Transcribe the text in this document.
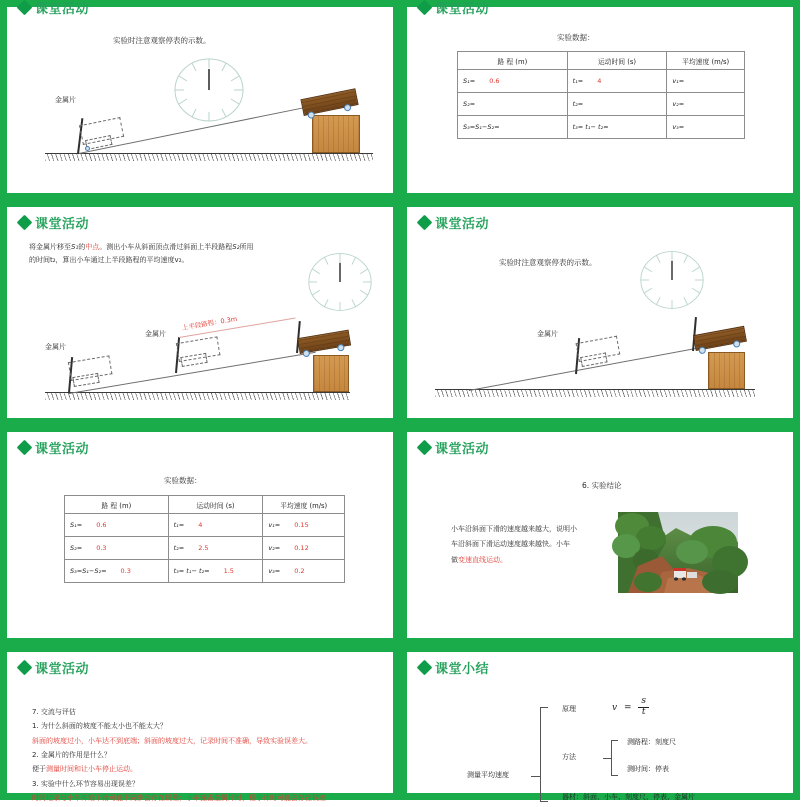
课堂活动
实验时注意观察停表的示数。
金属片
课堂活动
实验数据：
路 程 (m)	运动时间 (s)	平均速度 (m/s)
S₁= 0.6	t₁= 4	v₁=
S₂=	t₂=	v₂=
S₃=S₁−S₂=	t₃= t₁− t₂=	v₃=
课堂活动
将金属片移至S₁的中点。测出小车从斜面顶点滑过斜面上半段路程S₂所用
的时间t₂，算出小车通过上半段路程的平均速度v₂。
金属片
金属片
上半段路程：0.3m
课堂活动
实验时注意观察停表的示数。
金属片
课堂活动
实验数据：
路 程 (m)	运动时间 (s)	平均速度 (m/s)
S₁= 0.6	t₁= 4	v₁= 0.15
S₂= 0.3	t₂= 2.5	v₂= 0.12
S₃=S₁−S₂= 0.3	t₃= t₁− t₂= 1.5	v₃= 0.2
课堂活动
6. 实验结论
小车沿斜面下滑的速度越来越大，说明小
车沿斜面下滑运动速度越来越快。小车
做变速直线运动。
课堂活动
7. 交流与评估
1. 为什么斜面的坡度不能太小也不能太大？
斜面的坡度过小，小车达不到底端；斜面的坡度过大，记录时间不准确，导致实验误差大。
2. 金属片的作用是什么？
便于测量时间和让小车停止运动。
3. 实验中什么环节容易出现误差？
时间记录与小车开始下滑可能不同步会存在误差；小车撞击金属片时，稳小计时可能会存在误差
课堂小结
测量平均速度
原理	$v = \frac{s}{t}$
方法
测路程：刻度尺
测时间：停表
器材：斜面、小车、刻度尺、停表、金属片
